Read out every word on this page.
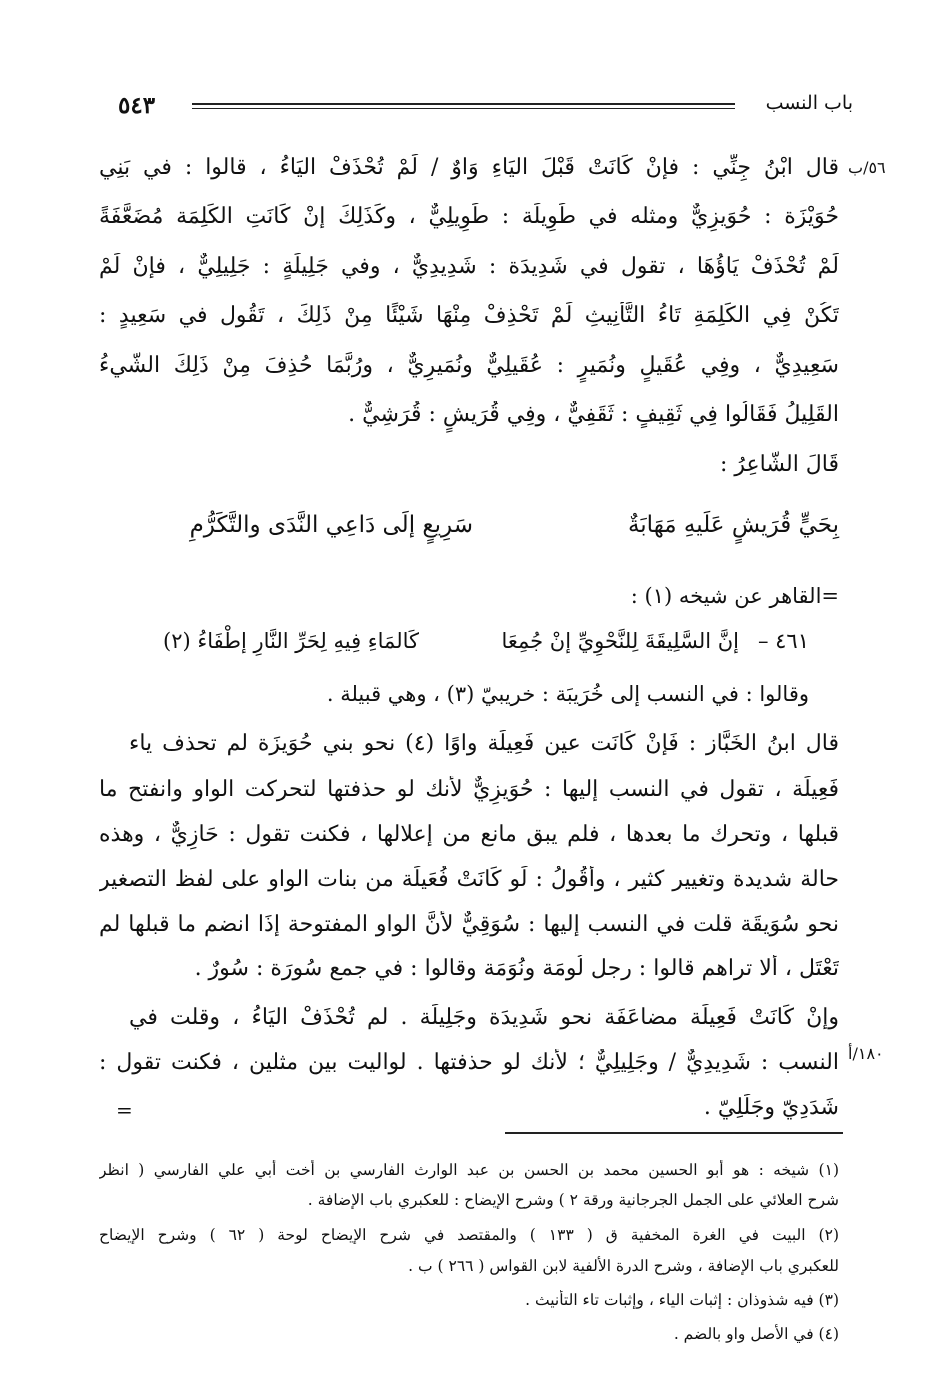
٥٤٣	باب النسب
٥٦/ب
١٨٠/أ
قال ابْنُ جِنِّي : فإنْ كَانَتْ قَبْلَ اليَاءِ وَاوٌ / لَمْ تُحْذَفْ اليَاءُ ، قالوا : في بَنِي
حُوَيْزَة : حُوَيزِيٌّ ومثله في طَوِيلَة : طَوِيلِيٌّ ، وكَذَلِكَ إنْ كَانَتِ الكَلِمَة مُضَعَّفَةً
لَمْ تُحْذَفْ يَاؤُهَا ، تقول في شَدِيدَة : شَدِيدِيٌّ ، وفي جَلِيلَةٍ : جَلِيلِيٌّ ، فإنْ لَمْ
تَكُنْ فِي الكَلِمَةِ تَاءُ التَّأْنِيثِ لَمْ تَحْذِفْ مِنْهَا شَيْئًا مِنْ ذَلِكَ ، تَقُول في سَعِيدٍ :
سَعِيدِيٌّ ، وفِي عُقَيلٍ ونُمَيرٍ : عُقَيلِيٌّ ونُمَيرِيٌّ ، ورُبَّمَا حُذِفَ مِنْ ذَلِكَ الشَّيءُ
القَلِيلُ فَقَالُوا فِي ثَقِيفٍ : ثَقَفِيٌّ ، وفِي قُرَيشٍ : قُرَشِيٌّ .
قَالَ الشَّاعِرُ :
بِحَيٍّ قُرَيشٍ عَلَيهِ مَهَابَةٌ
سَرِيعٍ إلَى دَاعِي النَّدَى والتَّكَرُّمِ
=القاهر عن شيخه (١) :
٤٦١ –
إنَّ السَّلِيقَةَ لِلنَّحْوِيِّ إنْ جُمِعَا
كَالمَاءِ فِيهِ لِحَرِّ النَّارِ إطْفَاءُ (٢)
وقالوا : في النسب إلى خُرَيبَة : خريبيّ (٣) ، وهي قبيلة .
قال ابنُ الخَبَّاز : فَإنْ كَانَت عين فَعِيلَة واوًا (٤) نحو بني حُوَيزَة لم تحذف ياء
فَعِيلَة ، تقول في النسب إليها : حُوَيزِيٌّ لأنك لو حذفتها لتحركت الواو وانفتح ما
قبلها ، وتحرك ما بعدها ، فلم يبق مانع من إعلالها ، فكنت تقول : حَازِيٌّ ، وهذه
حالة شديدة وتغيير كثير ، وأَقُولُ : لَو كَانَتْ فُعَيلَة من بنات الواو على لفظ التصغير
نحو سُوَيقَة قلت في النسب إليها : سُوَقِيٌّ لأَنَّ الواو المفتوحة إذَا انضم ما قبلها لم
تَعْتَل ، ألا تراهم قالوا : رجل لُومَة ونُوَمَة وقالوا : في جمع سُورَة : سُورٌ .
وإنْ كَانَتْ فَعِيلَة مضاعَفَة نحو شَدِيدَة وجَلِيلَة . لم تُحْذَفْ اليَاءُ ، وقلت في
النسب : شَدِيدِيٌّ / وجَلِيلِيٌّ ؛ لأنك لو حذفتها . لواليت بين مثلين ، فكنت تقول :
شَدَدِيّ وجَلَلِيّ .
=
(١) شيخه : هو أبو الحسين محمد بن الحسن بن عبد الوارث الفارسي بن أخت أبي علي الفارسي ( انظر
شرح العلائي على الجمل الجرجانية ورقة ٢ ) وشرح الإيضاح : للعكبري باب الإضافة .
(٢) البيت في الغرة المخفية ق ( ١٣٣ ) والمقتصد في شرح الإيضاح لوحة ( ٦٢ ) وشرح الإيضاح
للعكبري باب الإضافة ، وشرح الدرة الألفية لابن القواس ( ٢٦٦ ) ب .
(٣) فيه شذوذان : إثبات الياء ، وإثبات تاء التأنيث .
(٤) في الأصل واو بالضم .
